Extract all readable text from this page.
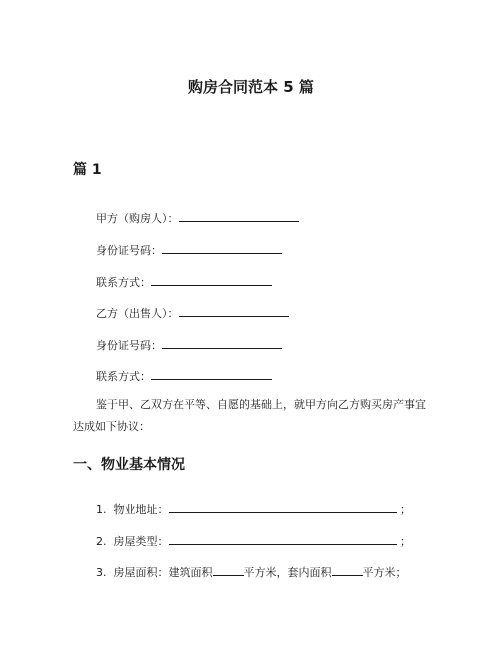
购房合同范本 5 篇
篇 1
甲方（购房人）：
身份证号码：
联系方式：
乙方（出售人）：
身份证号码：
联系方式：
鉴于甲、乙双方在平等、自愿的基础上，就甲方向乙方购买房产事宜达成如下协议：
一、物业基本情况
1. 物业地址：	；
2. 房屋类型：	；
3. 房屋面积：建筑面积	平方米，套内面积	平方米；
